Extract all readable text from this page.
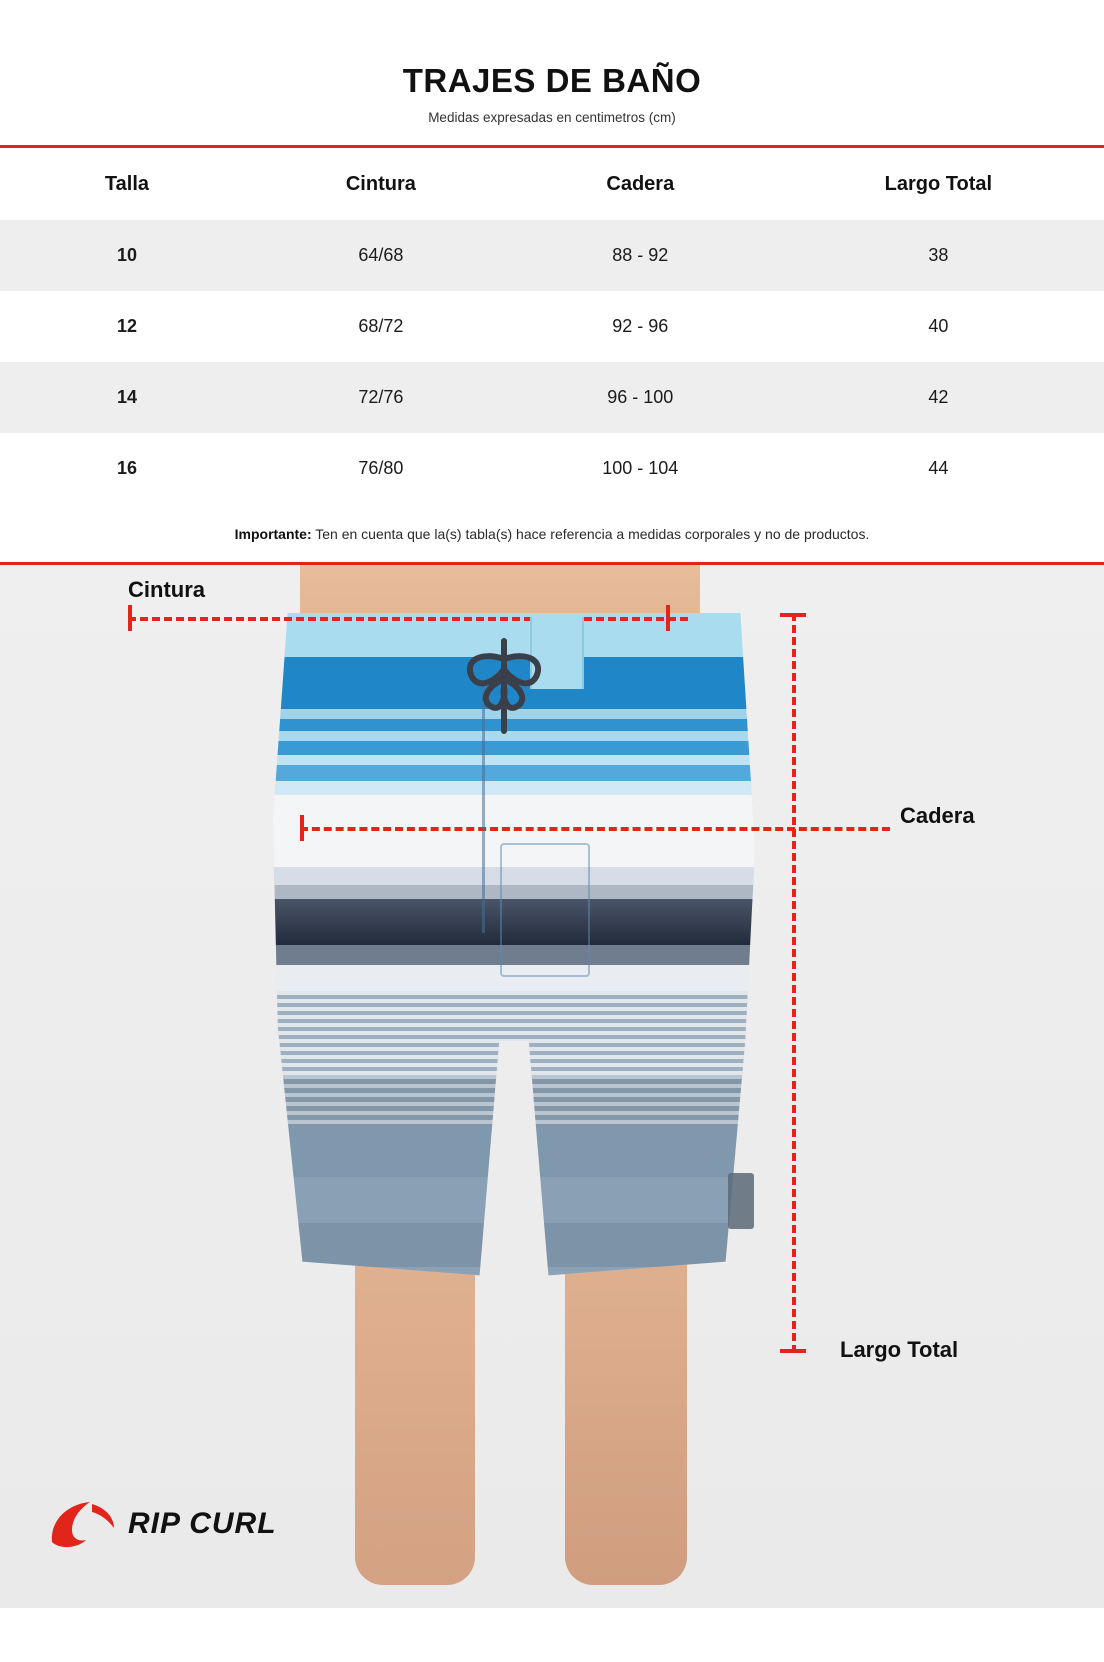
TRAJES DE BAÑO

Medidas expresadas en centimetros (cm)

Talla	Cintura	Cadera	Largo Total
10	64/68	88 - 92	38
12	68/72	92 - 96	40
14	72/76	96 - 100	42
16	76/80	100 - 104	44
Importante: Ten en cuenta que la(s) tabla(s) hace referencia a medidas corporales y no de productos.
Cintura
Cadera
Largo Total
RIP CURL
